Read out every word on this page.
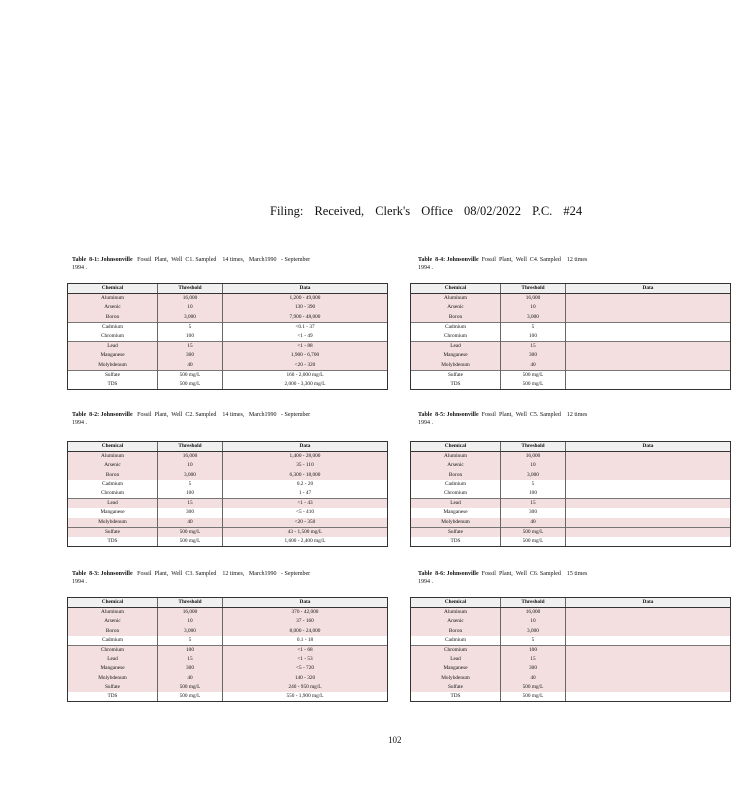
Filing: Received, Clerk's Office 08/02/2022 P.C. #24
Table  8-1: Johnsonville   Fossil  Plant,  Well  C1. Sampled    14 times,   March1990   - September
1994 .
Chemical	Threshold	Data
Aluminum	16,000	1,200 - 49,000
Arsenic	10	130 - 390
Boron	3,000	7,900 - 48,000
Cadmium	5	<0.1 - 37
Chromium	100	<1 - 49
Lead	15	<1 - 88
Manganese	300	1,900 - 6,700
Molybdenum	40	<20 - 320
Sulfate	500 mg/L	160 - 2,000 mg/L
TDS	500 mg/L	2,000 - 3,300 mg/L
Table  8-2: Johnsonville   Fossil  Plant,  Well  C2. Sampled    14 times,   March1990   - September
1994 .
Chemical	Threshold	Data
Aluminum	16,000	1,400 - 28,000
Arsenic	10	35 - 110
Boron	3,000	6,300 - 18,000
Cadmium	5	0.2 - 20
Chromium	100	1 - 47
Lead	15	<1 - 43
Manganese	300	<5 - 410
Molybdenum	40	<20 - 350
Sulfate	500 mg/L	43 - 1,500 mg/L
TDS	500 mg/L	1,600 - 2,400 mg/L
Table  8-3: Johnsonville   Fossil  Plant,  Well  C3. Sampled    12 times,   March1990   - September
1994 .
Chemical	Threshold	Data
Aluminum	16,000	370 - 42,000
Arsenic	10	37 - 160
Boron	3,000	8,000 - 24,000
Cadmium	5	0.1 - 18
Chromium	100	<1 - 68
Lead	15	<1 - 53
Manganese	300	<5 - 720
Molybdenum	40	140 - 320
Sulfate	500 mg/L	240 - 950 mg/L
TDS	500 mg/L	550 - 1,900 mg/L
Table  8-4: Johnsonville  Fossil  Plant,  Well  C4. Sampled    12 times
1994 .
Chemical	Threshold	Data
Aluminum	16,000	
Arsenic	10	
Boron	3,000	
Cadmium	5	
Chromium	100	
Lead	15	
Manganese	300	
Molybdenum	40	
Sulfate	500 mg/L	
TDS	500 mg/L	
Table  8-5: Johnsonville  Fossil  Plant,  Well  C5. Sampled    12 times
1994 .
Chemical	Threshold	Data
Aluminum	16,000	
Arsenic	10	
Boron	3,000	
Cadmium	5	
Chromium	100	
Lead	15	
Manganese	300	
Molybdenum	40	
Sulfate	500 mg/L	
TDS	500 mg/L	
Table  8-6: Johnsonville  Fossil  Plant,  Well  C6. Sampled    15 times
1994 .
Chemical	Threshold	Data
Aluminum	16,000	
Arsenic	10	
Boron	3,000	
Cadmium	5	
Chromium	100	
Lead	15	
Manganese	300	
Molybdenum	40	
Sulfate	500 mg/L	
TDS	500 mg/L	
102
